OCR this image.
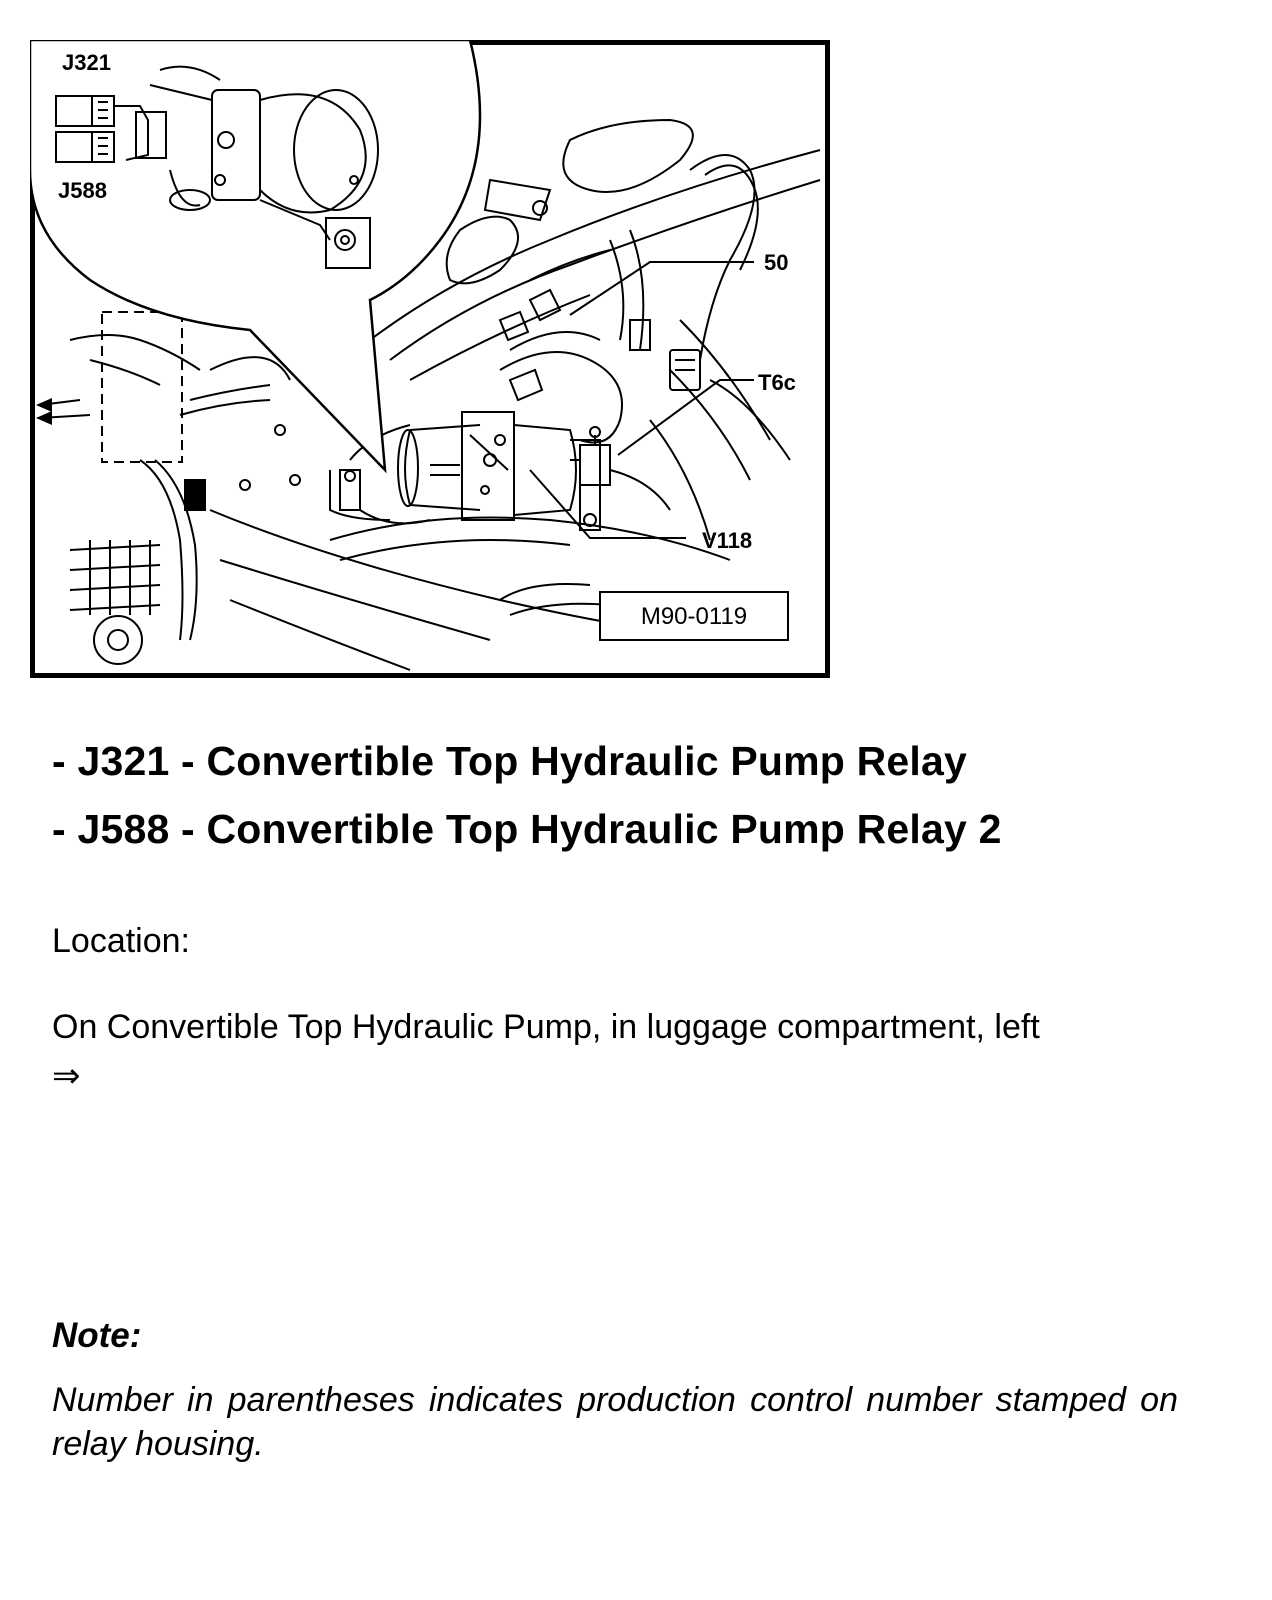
J321
J588
50
T6c
V118
M90-0119
- J321 - Convertible Top Hydraulic Pump Relay
- J588 - Convertible Top Hydraulic Pump Relay 2
Location:
On Convertible Top Hydraulic Pump, in luggage compartment, left
⇒
Note:
Number in parentheses indicates production control number stamped on relay housing.
